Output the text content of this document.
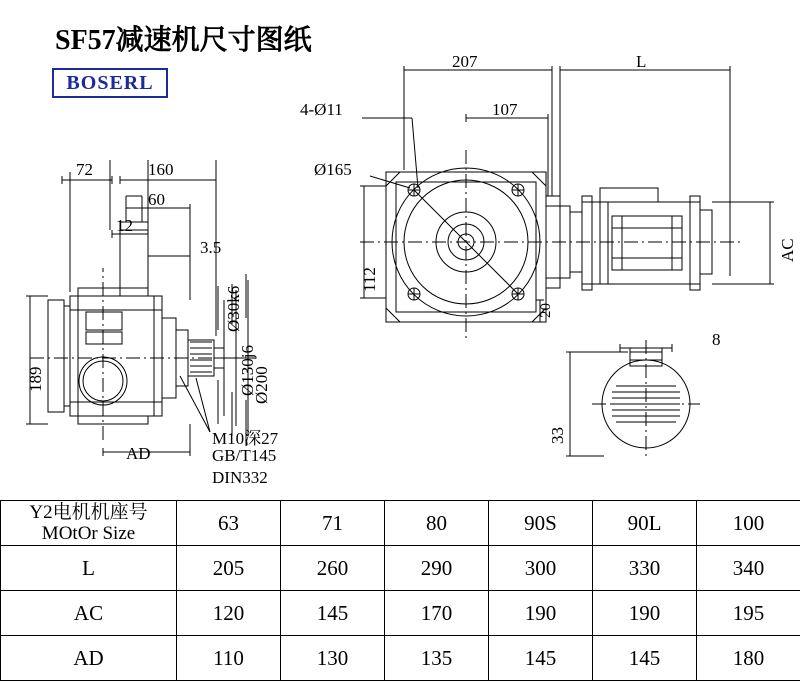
SF57减速机尺寸图纸
BOSERL
72	160
60
12
3.5
189
AD
Ø30k6
Ø130j6
Ø200
M10深27
GB/T145
DIN332
207
107
L
4-Ø11
Ø165
112
20
AC
8
33
Y2电机机座号
MOtOr Size	63	71	80	90S	90L	100
L	205	260	290	300	330	340
AC	120	145	170	190	190	195
AD	110	130	135	145	145	180
